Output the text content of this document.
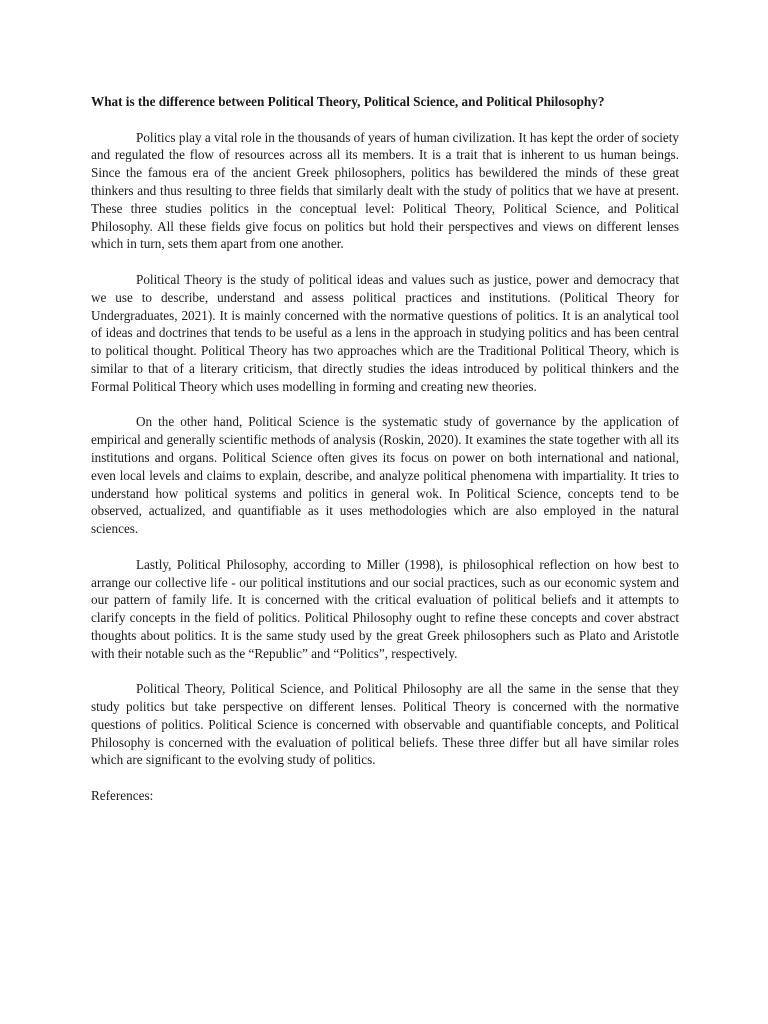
What is the difference between Political Theory, Political Science, and Political Philosophy?

Politics play a vital role in the thousands of years of human civilization. It has kept the order of society and regulated the flow of resources across all its members. It is a trait that is inherent to us human beings. Since the famous era of the ancient Greek philosophers, politics has bewildered the minds of these great thinkers and thus resulting to three fields that similarly dealt with the study of politics that we have at present. These three studies politics in the conceptual level: Political Theory, Political Science, and Political Philosophy. All these fields give focus on politics but hold their perspectives and views on different lenses which in turn, sets them apart from one another.

Political Theory is the study of political ideas and values such as justice, power and democracy that we use to describe, understand and assess political practices and institutions. (Political Theory for Undergraduates, 2021). It is mainly concerned with the normative questions of politics. It is an analytical tool of ideas and doctrines that tends to be useful as a lens in the approach in studying politics and has been central to political thought. Political Theory has two approaches which are the Traditional Political Theory, which is similar to that of a literary criticism, that directly studies the ideas introduced by political thinkers and the Formal Political Theory which uses modelling in forming and creating new theories.

On the other hand, Political Science is the systematic study of governance by the application of empirical and generally scientific methods of analysis (Roskin, 2020). It examines the state together with all its institutions and organs. Political Science often gives its focus on power on both international and national, even local levels and claims to explain, describe, and analyze political phenomena with impartiality. It tries to understand how political systems and politics in general wok. In Political Science, concepts tend to be observed, actualized, and quantifiable as it uses methodologies which are also employed in the natural sciences.

Lastly, Political Philosophy, according to Miller (1998), is philosophical reflection on how best to arrange our collective life - our political institutions and our social practices, such as our economic system and our pattern of family life. It is concerned with the critical evaluation of political beliefs and it attempts to clarify concepts in the field of politics. Political Philosophy ought to refine these concepts and cover abstract thoughts about politics. It is the same study used by the great Greek philosophers such as Plato and Aristotle with their notable such as the “Republic” and “Politics”, respectively.

Political Theory, Political Science, and Political Philosophy are all the same in the sense that they study politics but take perspective on different lenses. Political Theory is concerned with the normative questions of politics. Political Science is concerned with observable and quantifiable concepts, and Political Philosophy is concerned with the evaluation of political beliefs. These three differ but all have similar roles which are significant to the evolving study of politics.

References:
